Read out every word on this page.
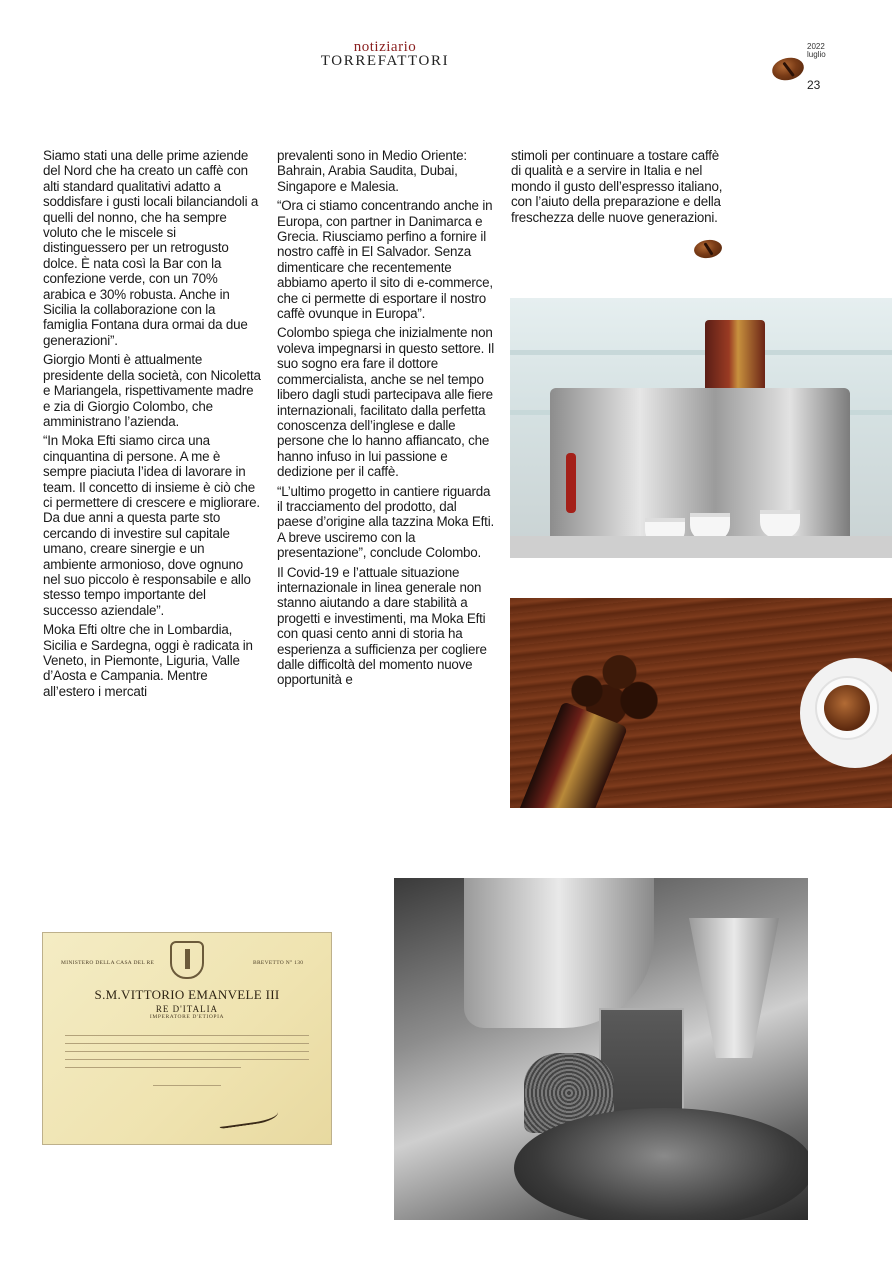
notiziario
TORREFATTORI
2022
luglio
23

Siamo stati una delle prime aziende del Nord che ha creato un caffè con alti standard qualitativi adatto a soddisfare i gusti locali bilanciandoli a quelli del nonno, che ha sempre voluto che le miscele si distinguessero per un retrogusto dolce. È nata così la Bar con la confezione verde, con un 70% arabica e 30% robusta. Anche in Sicilia la collaborazione con la famiglia Fontana dura ormai da due generazioni”.

Giorgio Monti è attualmente presidente della società, con Nicoletta e Mariangela, rispettivamente madre e zia di Giorgio Colombo, che amministrano l’azienda.

“In Moka Efti siamo circa una cinquantina di persone. A me è sempre piaciuta l’idea di lavorare in team. Il concetto di insieme è ciò che ci permettere di crescere e migliorare. Da due anni a questa parte sto cercando di investire sul capitale umano, creare sinergie e un ambiente armonioso, dove ognuno nel suo piccolo è responsabile e allo stesso tempo importante del successo aziendale”.

Moka Efti oltre che in Lombardia, Sicilia e Sardegna, oggi è radicata in Veneto, in Piemonte, Liguria, Valle d’Aosta e Campania. Mentre all’estero i mercati

prevalenti sono in Medio Oriente: Bahrain, Arabia Saudita, Dubai, Singapore e Malesia.

“Ora ci stiamo concentrando anche in Europa, con partner in Danimarca e Grecia. Riusciamo perfino a fornire il nostro caffè in El Salvador. Senza dimenticare che recentemente abbiamo aperto il sito di e-commerce, che ci permette di esportare il nostro caffè ovunque in Europa”.

Colombo spiega che inizialmente non voleva impegnarsi in questo settore. Il suo sogno era fare il dottore commercialista, anche se nel tempo libero dagli studi partecipava alle fiere internazionali, facilitato dalla perfetta conoscenza dell’inglese e dalle persone che lo hanno affiancato, che hanno infuso in lui passione e dedizione per il caffè.

“L’ultimo progetto in cantiere riguarda il tracciamento del prodotto, dal paese d’origine alla tazzina Moka Efti. A breve usciremo con la presentazione”, conclude Colombo.

Il Covid-19 e l’attuale situazione internazionale in linea generale non stanno aiutando a dare stabilità a progetti e investimenti, ma Moka Efti con quasi cento anni di storia ha esperienza a sufficienza per cogliere dalle difficoltà del momento nuove opportunità e

stimoli per continuare a tostare caffè di qualità e a servire in Italia e nel mondo il gusto dell’espresso italiano, con l’aiuto della preparazione e della freschezza delle nuove generazioni.

MINISTERO DELLA CASA DEL RE	BREVETTO N° 130
S.M.VITTORIO EMANVELE III
RE D'ITALIA
IMPERATORE D'ETIOPIA
